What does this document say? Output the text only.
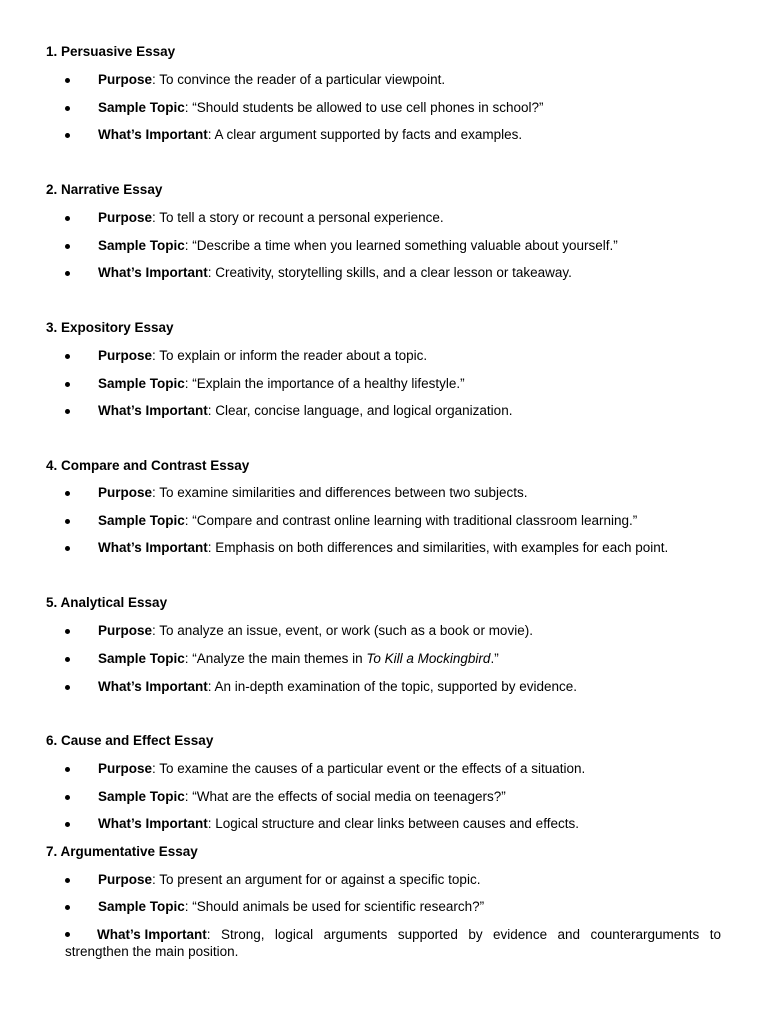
1. Persuasive Essay
Purpose: To convince the reader of a particular viewpoint.
Sample Topic: “Should students be allowed to use cell phones in school?”
What’s Important: A clear argument supported by facts and examples.
2. Narrative Essay
Purpose: To tell a story or recount a personal experience.
Sample Topic: “Describe a time when you learned something valuable about yourself.”
What’s Important: Creativity, storytelling skills, and a clear lesson or takeaway.
3. Expository Essay
Purpose: To explain or inform the reader about a topic.
Sample Topic: “Explain the importance of a healthy lifestyle.”
What’s Important: Clear, concise language, and logical organization.
4. Compare and Contrast Essay
Purpose: To examine similarities and differences between two subjects.
Sample Topic: “Compare and contrast online learning with traditional classroom learning.”
What’s Important: Emphasis on both differences and similarities, with examples for each point.
5. Analytical Essay
Purpose: To analyze an issue, event, or work (such as a book or movie).
Sample Topic: “Analyze the main themes in To Kill a Mockingbird.”
What’s Important: An in-depth examination of the topic, supported by evidence.
6. Cause and Effect Essay
Purpose: To examine the causes of a particular event or the effects of a situation.
Sample Topic: “What are the effects of social media on teenagers?”
What’s Important: Logical structure and clear links between causes and effects.
7. Argumentative Essay
Purpose: To present an argument for or against a specific topic.
Sample Topic: “Should animals be used for scientific research?”
What’s Important : Strong, logical arguments supported by evidence and counterarguments to
strengthen the main position.
